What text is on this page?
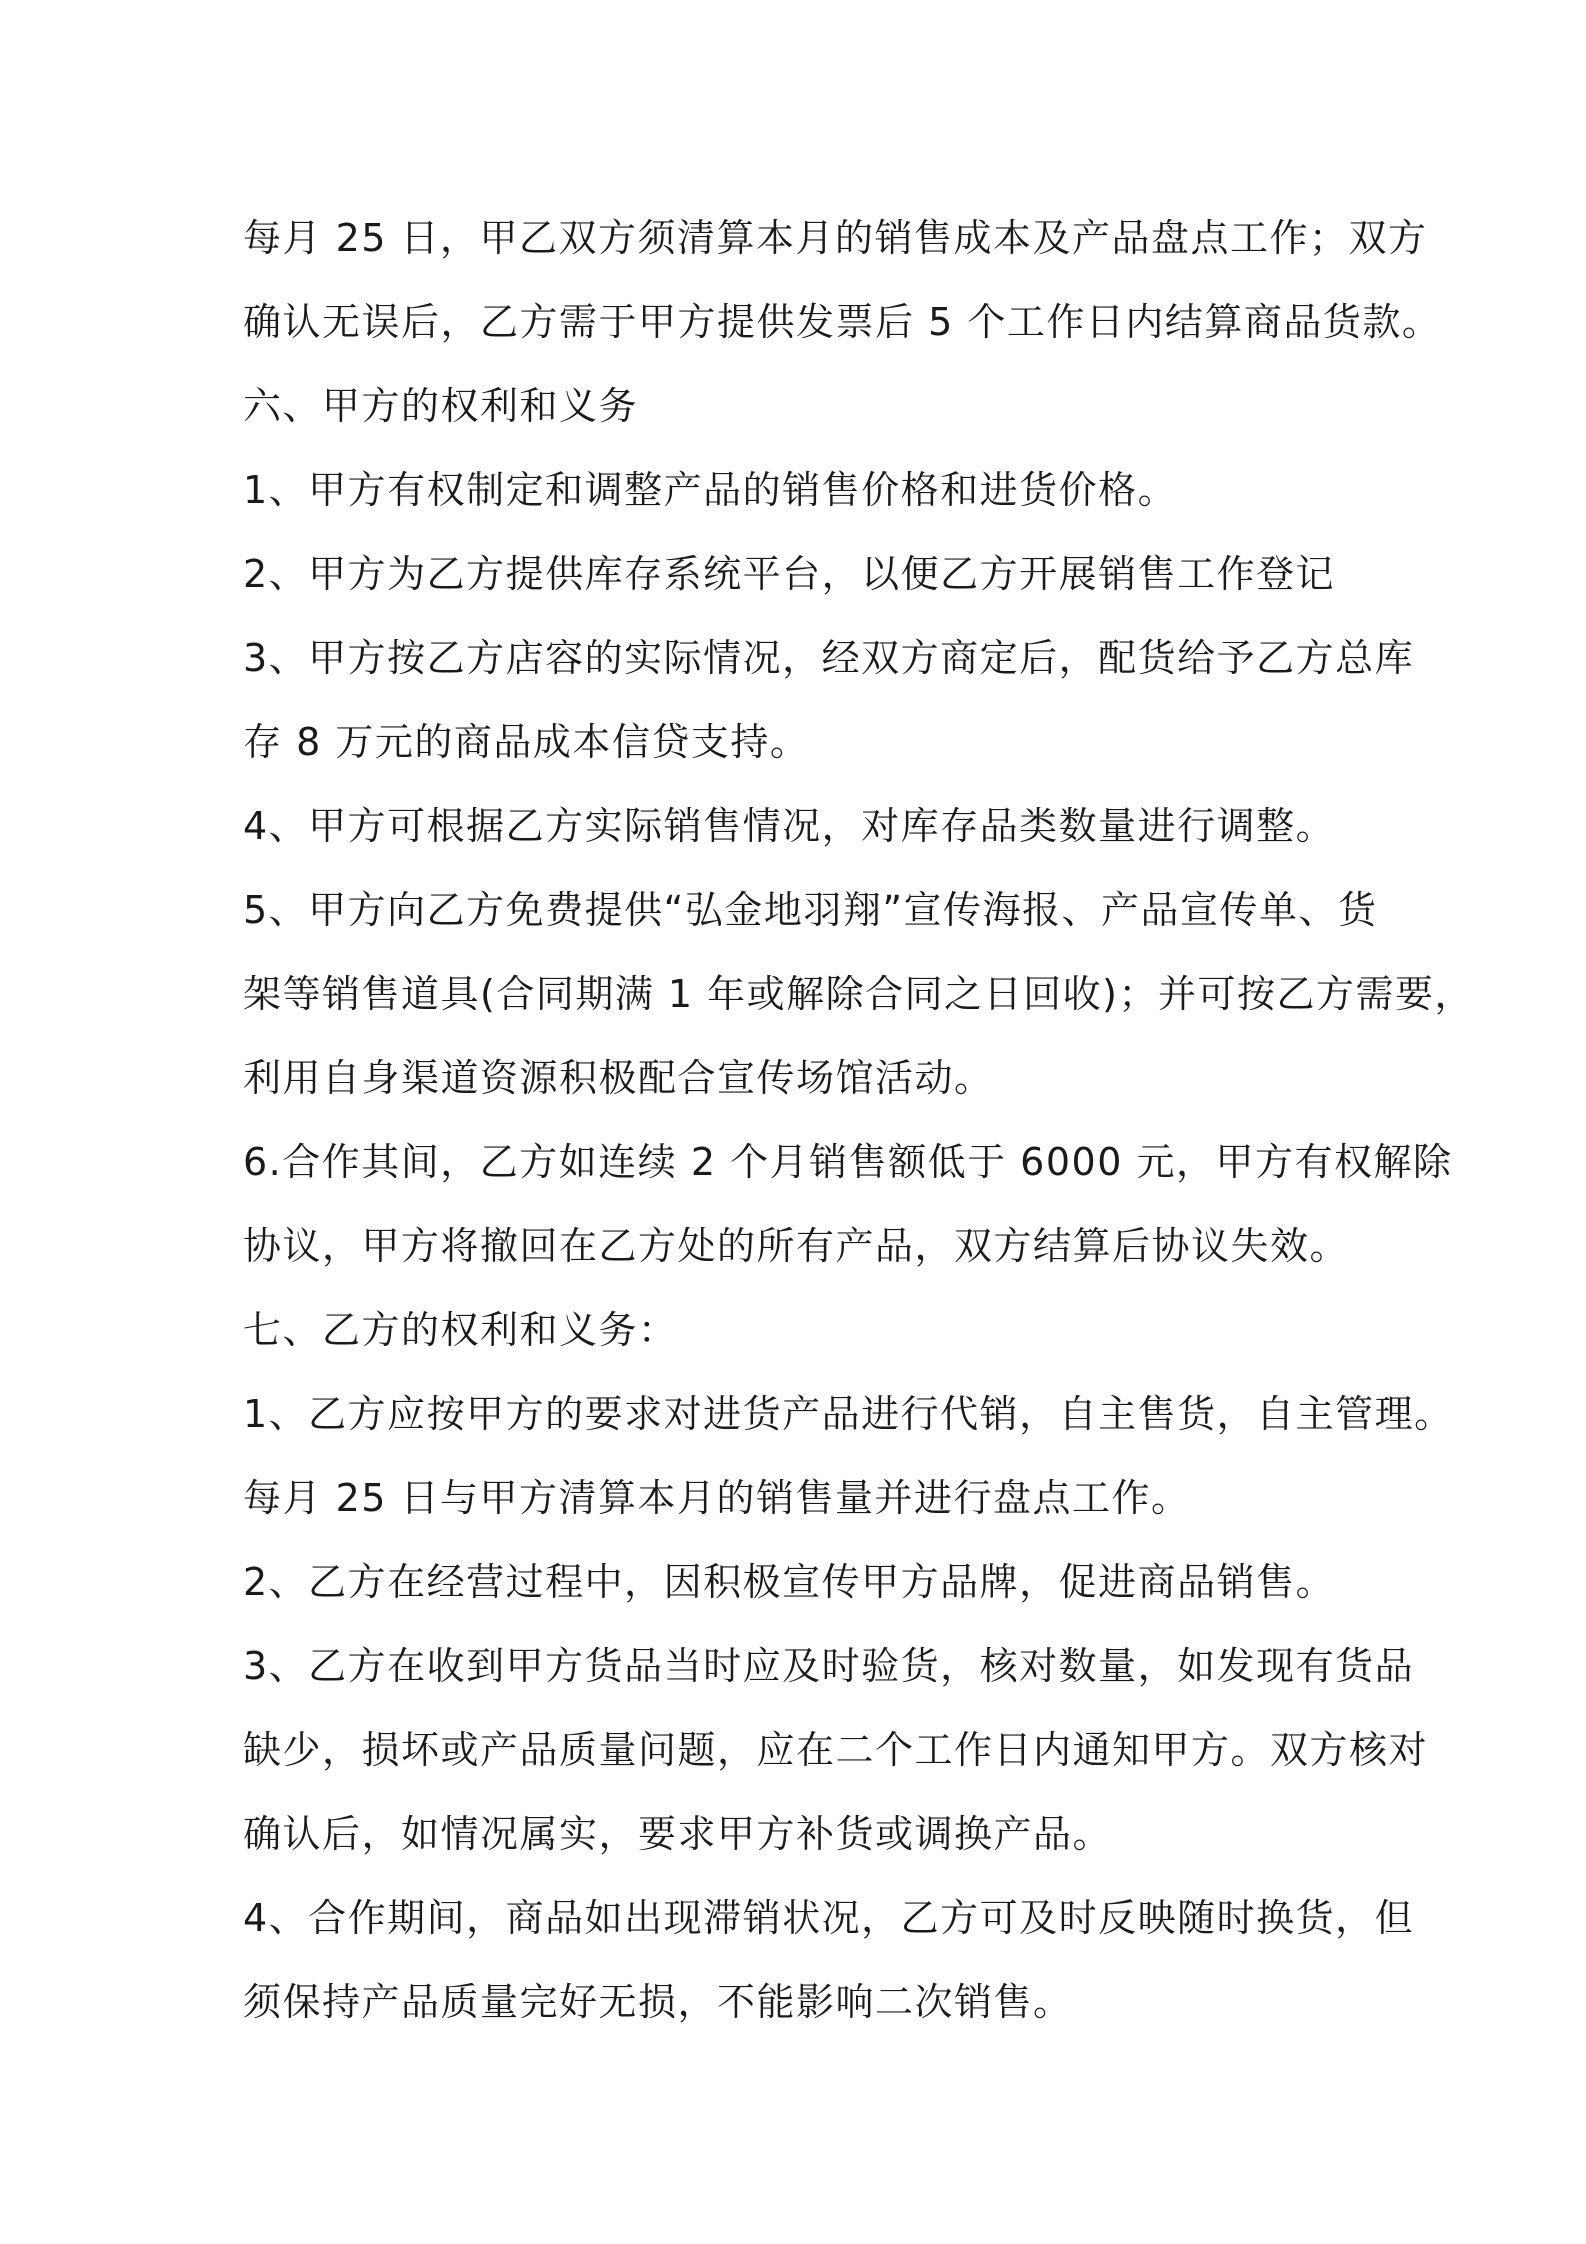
每月 25 日，甲乙双方须清算本月的销售成本及产品盘点工作；双方
确认无误后，乙方需于甲方提供发票后 5 个工作日内结算商品货款。
六、甲方的权利和义务
1、甲方有权制定和调整产品的销售价格和进货价格。
2、甲方为乙方提供库存系统平台，以便乙方开展销售工作登记
3、甲方按乙方店容的实际情况，经双方商定后，配货给予乙方总库
存 8 万元的商品成本信贷支持。
4、甲方可根据乙方实际销售情况，对库存品类数量进行调整。
5、甲方向乙方免费提供“弘金地羽翔”宣传海报、产品宣传单、货
架等销售道具(合同期满 1 年或解除合同之日回收)；并可按乙方需要，
利用自身渠道资源积极配合宣传场馆活动。
6.合作其间，乙方如连续 2 个月销售额低于 6000 元，甲方有权解除
协议，甲方将撤回在乙方处的所有产品，双方结算后协议失效。
七、乙方的权利和义务：
1、乙方应按甲方的要求对进货产品进行代销，自主售货，自主管理。
每月 25 日与甲方清算本月的销售量并进行盘点工作。
2、乙方在经营过程中，因积极宣传甲方品牌，促进商品销售。
3、乙方在收到甲方货品当时应及时验货，核对数量，如发现有货品
缺少，损坏或产品质量问题，应在二个工作日内通知甲方。双方核对
确认后，如情况属实，要求甲方补货或调换产品。
4、合作期间，商品如出现滞销状况，乙方可及时反映随时换货，但
须保持产品质量完好无损，不能影响二次销售。
